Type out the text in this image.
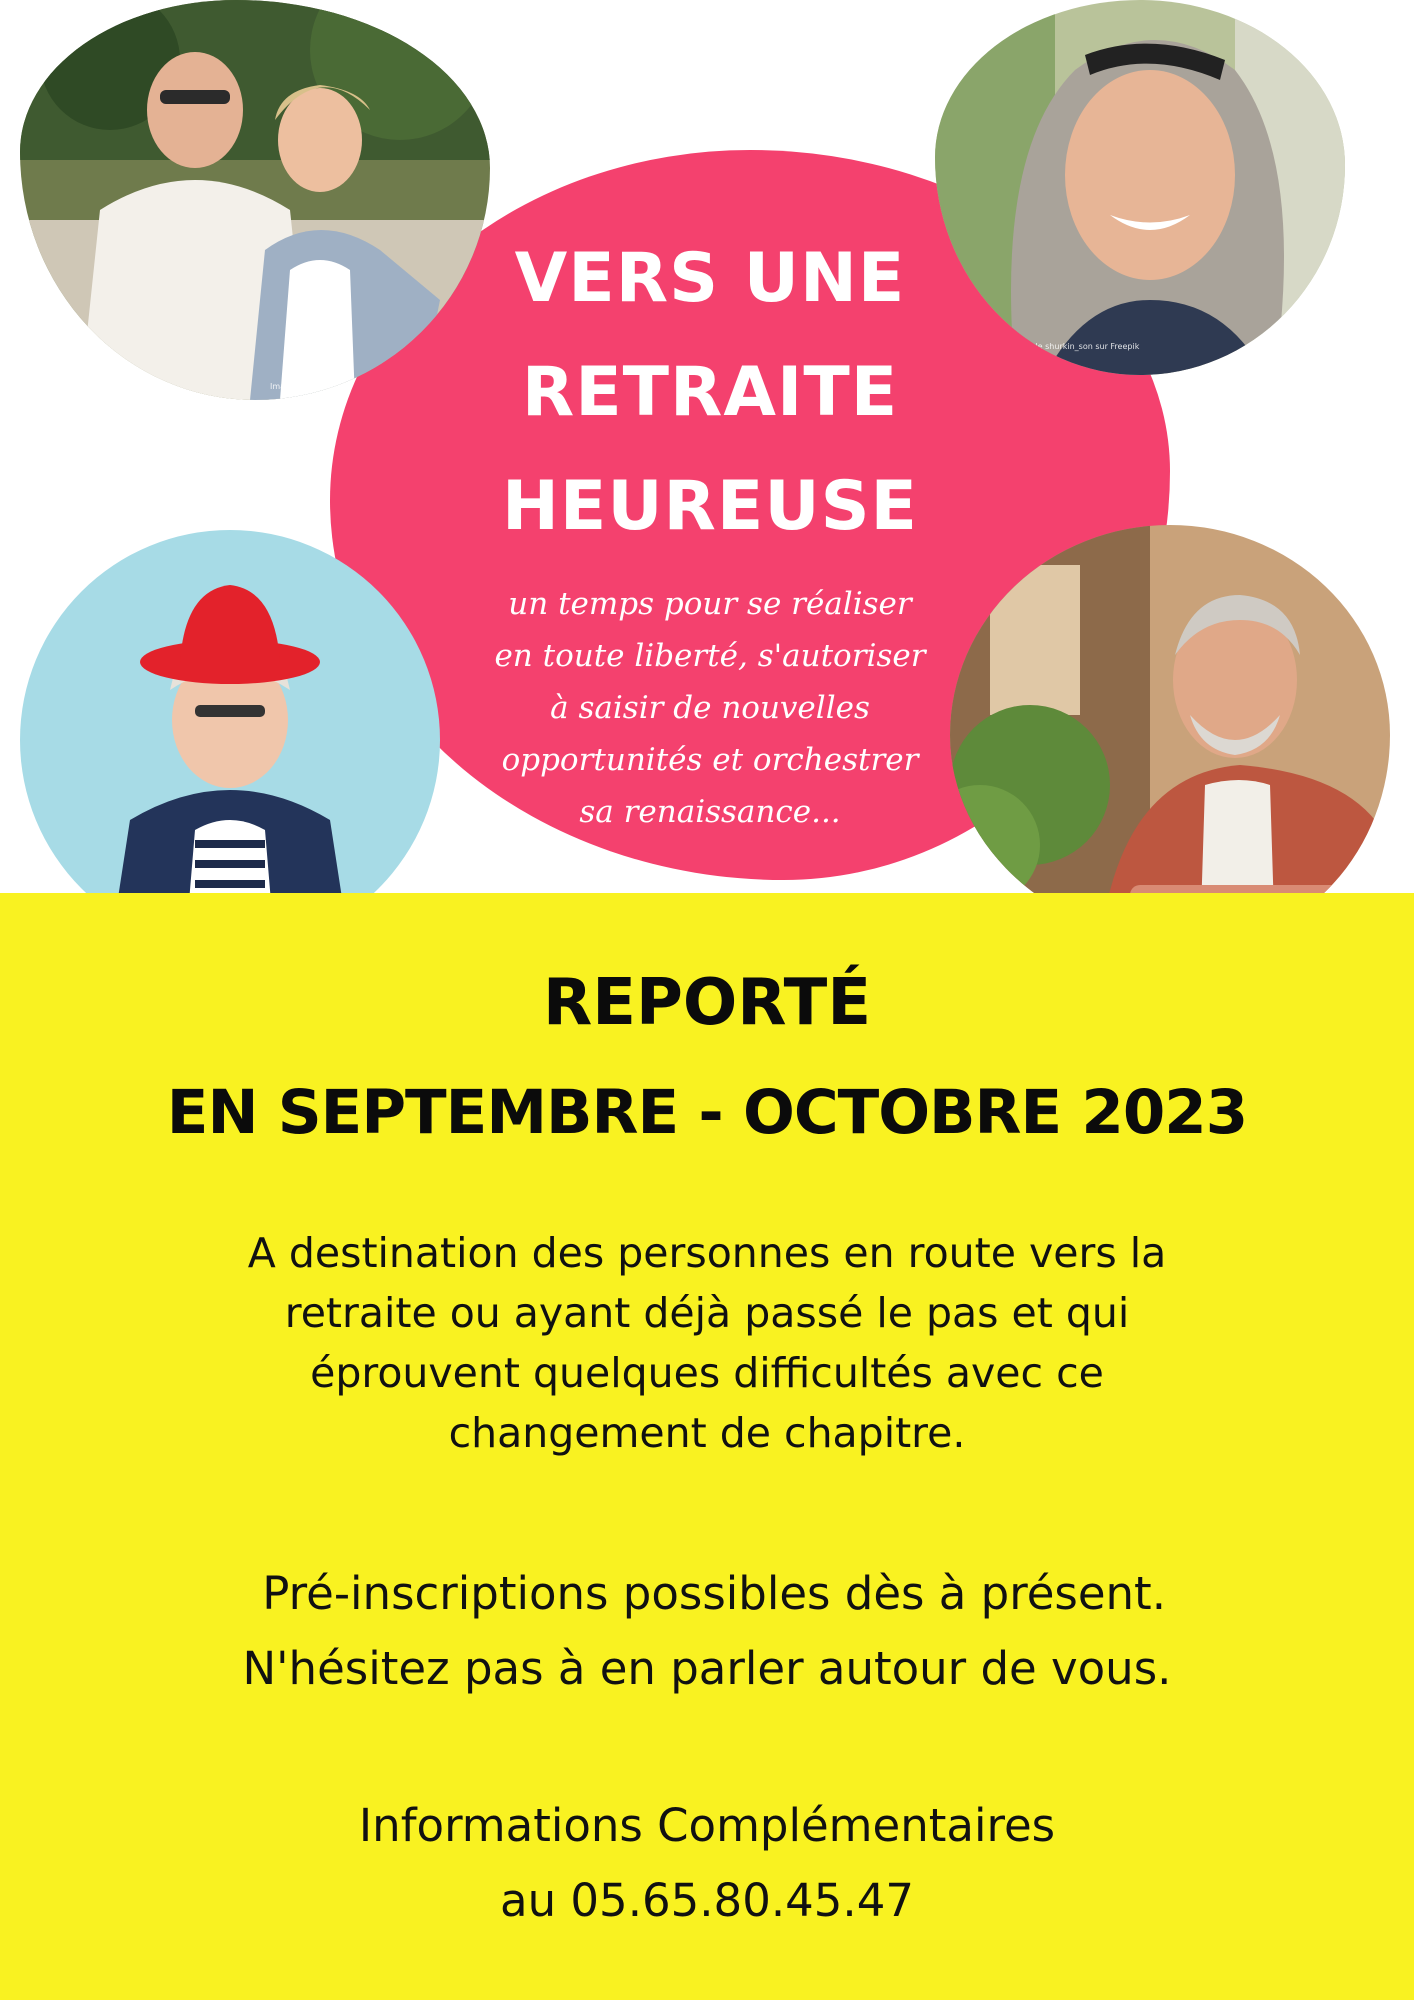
Image de lookstudio sur Freepik
Image de shurkin_son sur Freepik
VERS UNE
RETRAITE
HEUREUSE
un temps pour se réaliser
en toute liberté, s'autoriser
à saisir de nouvelles
opportunités et orchestrer
sa renaissance...
REPORTÉ
EN SEPTEMBRE - OCTOBRE 2023
A destination des personnes en route vers la
retraite ou ayant déjà passé le pas et qui
éprouvent quelques difficultés avec ce
changement de chapitre.
Pré-inscriptions possibles dès à présent.
N'hésitez pas à en parler autour de vous.
Informations Complémentaires
au 05.65.80.45.47
